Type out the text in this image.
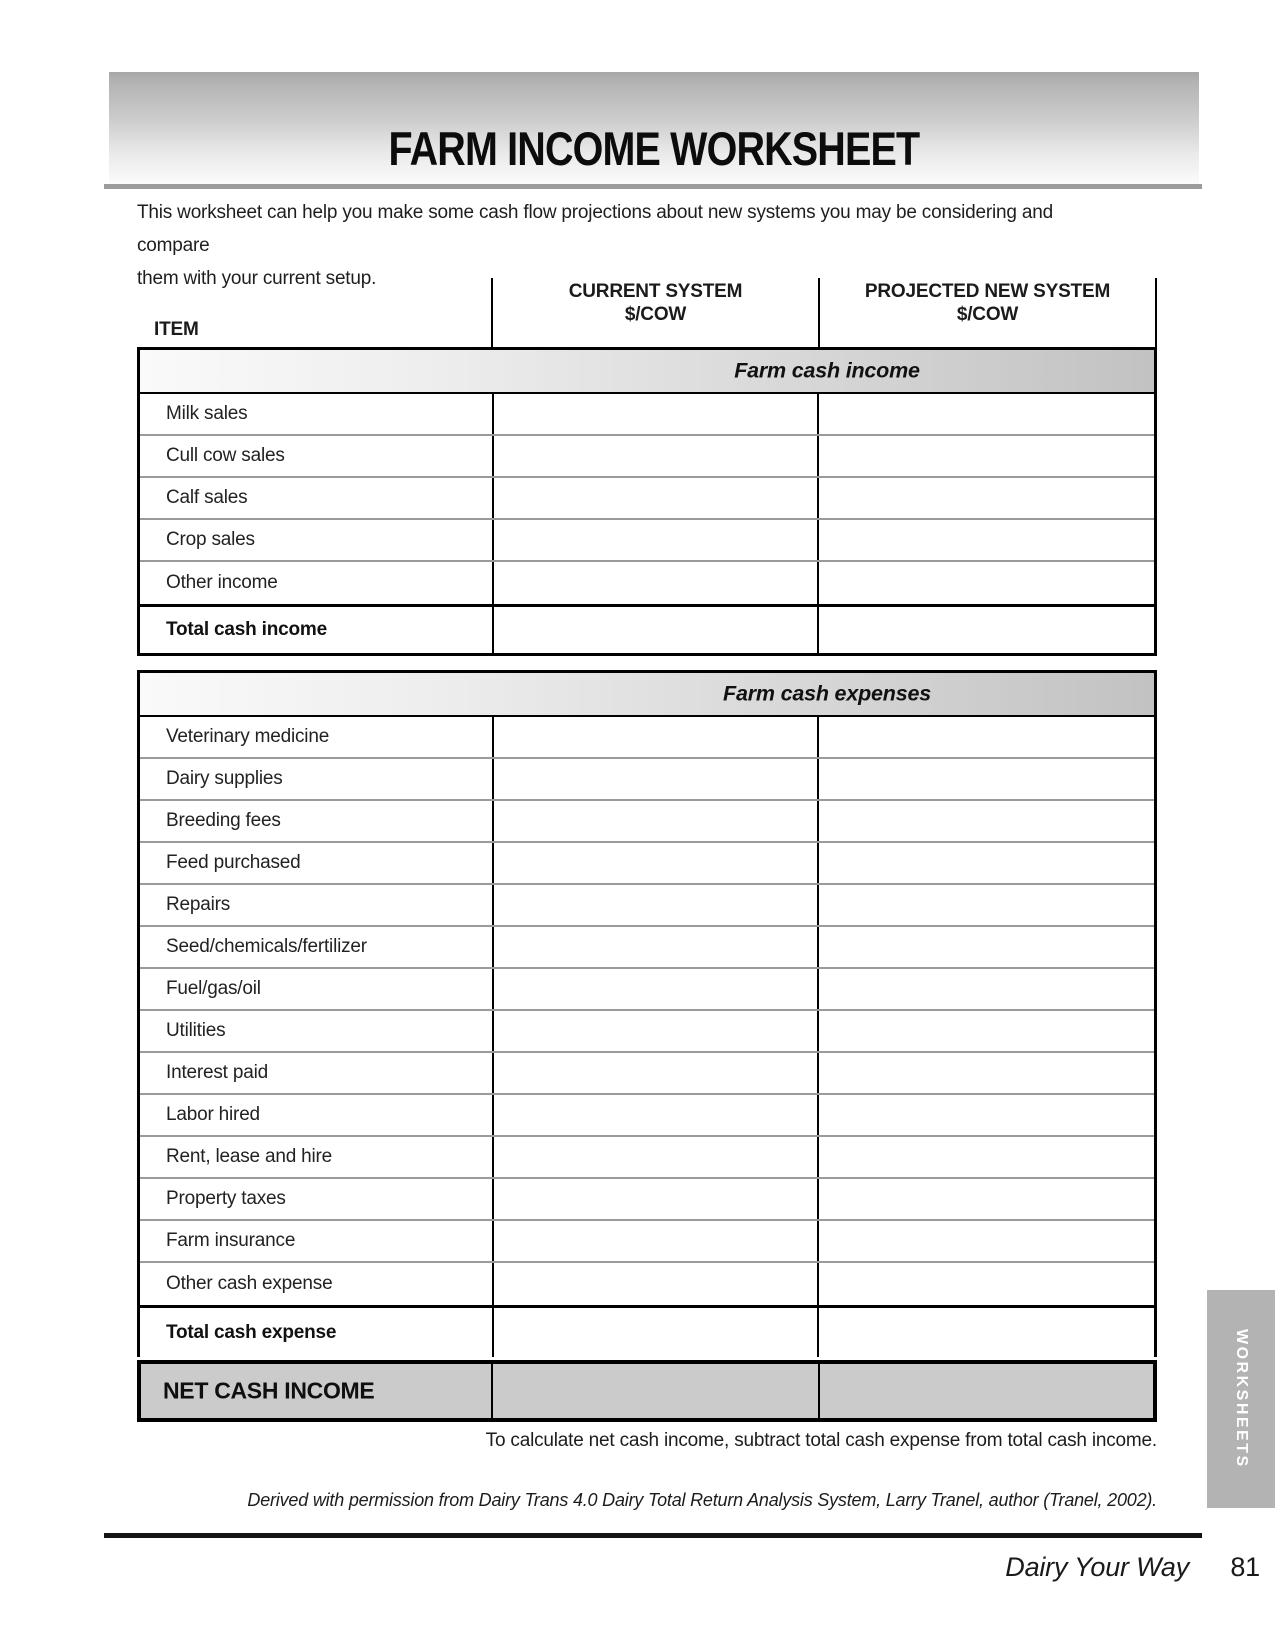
FARM INCOME WORKSHEET
This worksheet can help you make some cash flow projections about new systems you may be considering and compare
them with your current setup.
ITEM
CURRENT SYSTEM
$/COW
PROJECTED NEW SYSTEM
$/COW
Farm cash income
Milk sales
Cull cow sales
Calf sales
Crop sales
Other income
Total cash income
Farm cash expenses
Veterinary medicine
Dairy supplies
Breeding fees
Feed purchased
Repairs
Seed/chemicals/fertilizer
Fuel/gas/oil
Utilities
Interest paid
Labor hired
Rent, lease and hire
Property taxes
Farm insurance
Other cash expense
Total cash expense
NET CASH INCOME
To calculate net cash income, subtract total cash expense from total cash income.
Derived with permission from Dairy Trans 4.0 Dairy Total Return Analysis System, Larry Tranel, author (Tranel, 2002).
Dairy Your Way 81
WORKSHEETS
